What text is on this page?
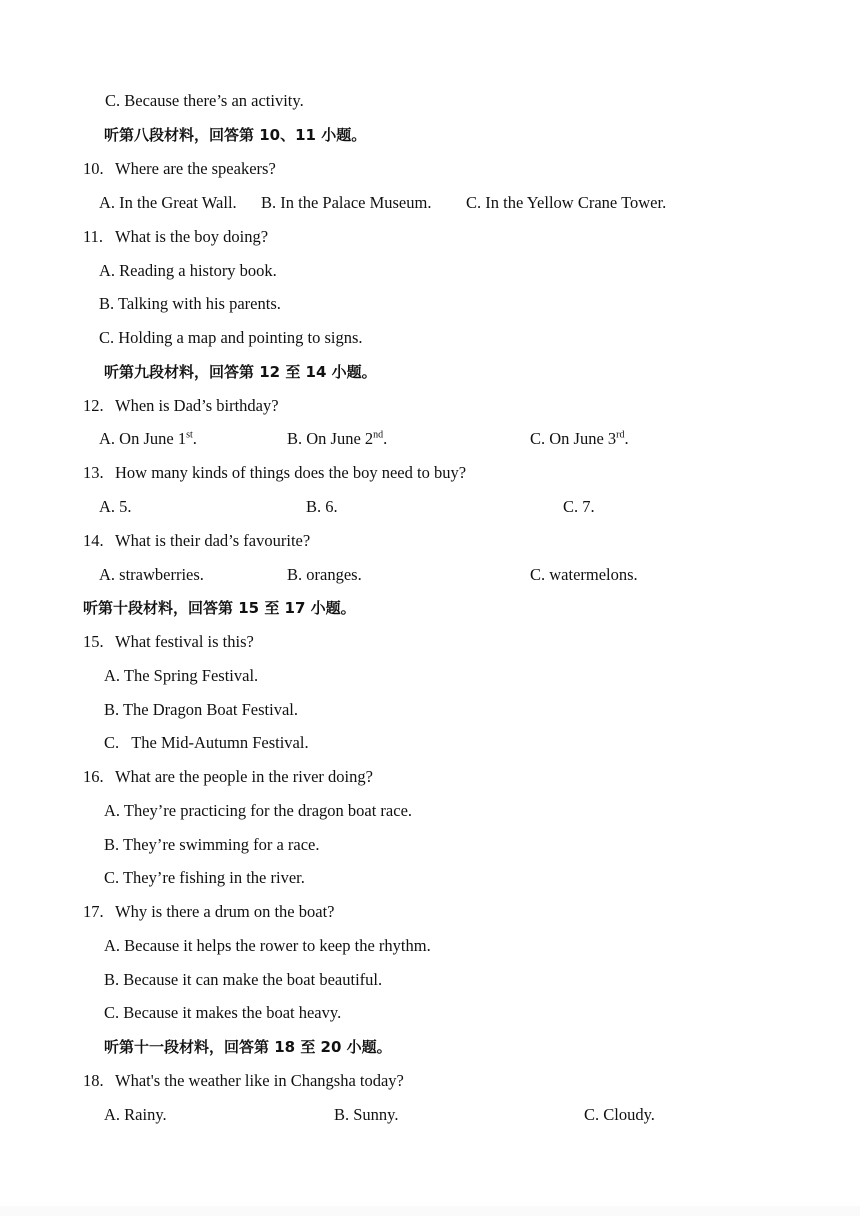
C. Because there’s an activity.
听第八段材料，回答第 10、11 小题。
10. Where are the speakers?
A. In the Great Wall. B. In the Palace Museum. C. In the Yellow Crane Tower.
11. What is the boy doing?
A. Reading a history book.
B. Talking with his parents.
C. Holding a map and pointing to signs.
听第九段材料，回答第 12 至 14 小题。
12. When is Dad’s birthday?
A. On June 1st.	B. On June 2nd.	C. On June 3rd.
13. How many kinds of things does the boy need to buy?
A. 5.	B. 6.	C. 7.
14. What is their dad’s favourite?
A. strawberries.	B. oranges.	C. watermelons.
听第十段材料，回答第 15 至 17 小题。
15. What festival is this?
A. The Spring Festival.
B. The Dragon Boat Festival.
C.   The Mid-Autumn Festival.
16. What are the people in the river doing?
A. They’re practicing for the dragon boat race.
B. They’re swimming for a race.
C. They’re fishing in the river.
17. Why is there a drum on the boat?
A. Because it helps the rower to keep the rhythm.
B. Because it can make the boat beautiful.
C. Because it makes the boat heavy.
听第十一段材料，回答第 18 至 20 小题。
18. What's the weather like in Changsha today?
A. Rainy.	B. Sunny.	C. Cloudy.
